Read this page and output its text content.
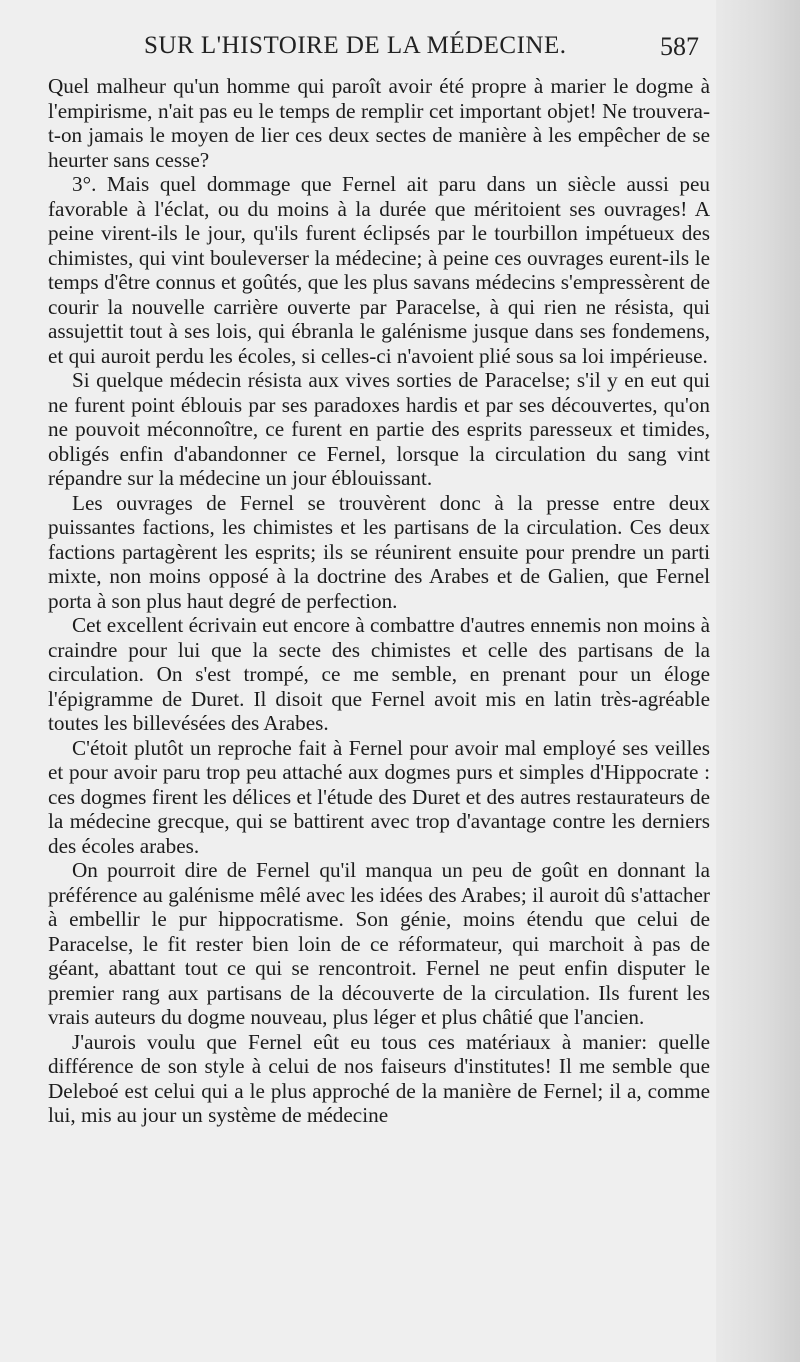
SUR L'HISTOIRE DE LA MÉDECINE.	587

Quel malheur qu'un homme qui paroît avoir été propre à marier le dogme à l'empirisme, n'ait pas eu le temps de remplir cet important objet! Ne trouvera-t-on jamais le moyen de lier ces deux sectes de manière à les empêcher de se heurter sans cesse?

3°. Mais quel dommage que Fernel ait paru dans un siècle aussi peu favorable à l'éclat, ou du moins à la durée que méritoient ses ouvrages! A peine virent-ils le jour, qu'ils furent éclipsés par le tourbillon impétueux des chimistes, qui vint bouleverser la médecine; à peine ces ouvrages eurent-ils le temps d'être connus et goûtés, que les plus savans médecins s'empressèrent de courir la nouvelle carrière ouverte par Paracelse, à qui rien ne résista, qui assujettit tout à ses lois, qui ébranla le galénisme jusque dans ses fondemens, et qui auroit perdu les écoles, si celles-ci n'avoient plié sous sa loi impérieuse.

Si quelque médecin résista aux vives sorties de Paracelse; s'il y en eut qui ne furent point éblouis par ses paradoxes hardis et par ses découvertes, qu'on ne pouvoit méconnoître, ce furent en partie des esprits paresseux et timides, obligés enfin d'abandonner ce Fernel, lorsque la circulation du sang vint répandre sur la médecine un jour éblouissant.

Les ouvrages de Fernel se trouvèrent donc à la presse entre deux puissantes factions, les chimistes et les partisans de la circulation. Ces deux factions partagèrent les esprits; ils se réunirent ensuite pour prendre un parti mixte, non moins opposé à la doctrine des Arabes et de Galien, que Fernel porta à son plus haut degré de perfection.

Cet excellent écrivain eut encore à combattre d'autres ennemis non moins à craindre pour lui que la secte des chimistes et celle des partisans de la circulation. On s'est trompé, ce me semble, en prenant pour un éloge l'épigramme de Duret. Il disoit que Fernel avoit mis en latin très-agréable toutes les billevésées des Arabes.

C'étoit plutôt un reproche fait à Fernel pour avoir mal employé ses veilles et pour avoir paru trop peu attaché aux dogmes purs et simples d'Hippocrate : ces dogmes firent les délices et l'étude des Duret et des autres restaurateurs de la médecine grecque, qui se battirent avec trop d'avantage contre les derniers des écoles arabes.

On pourroit dire de Fernel qu'il manqua un peu de goût en donnant la préférence au galénisme mêlé avec les idées des Arabes; il auroit dû s'attacher à embellir le pur hippocratisme. Son génie, moins étendu que celui de Paracelse, le fit rester bien loin de ce réformateur, qui marchoit à pas de géant, abattant tout ce qui se rencontroit. Fernel ne peut enfin disputer le premier rang aux partisans de la découverte de la circulation. Ils furent les vrais auteurs du dogme nouveau, plus léger et plus châtié que l'ancien.

J'aurois voulu que Fernel eût eu tous ces matériaux à manier: quelle différence de son style à celui de nos faiseurs d'institutes! Il me semble que Deleboé est celui qui a le plus approché de la manière de Fernel; il a, comme lui, mis au jour un système de médecine
